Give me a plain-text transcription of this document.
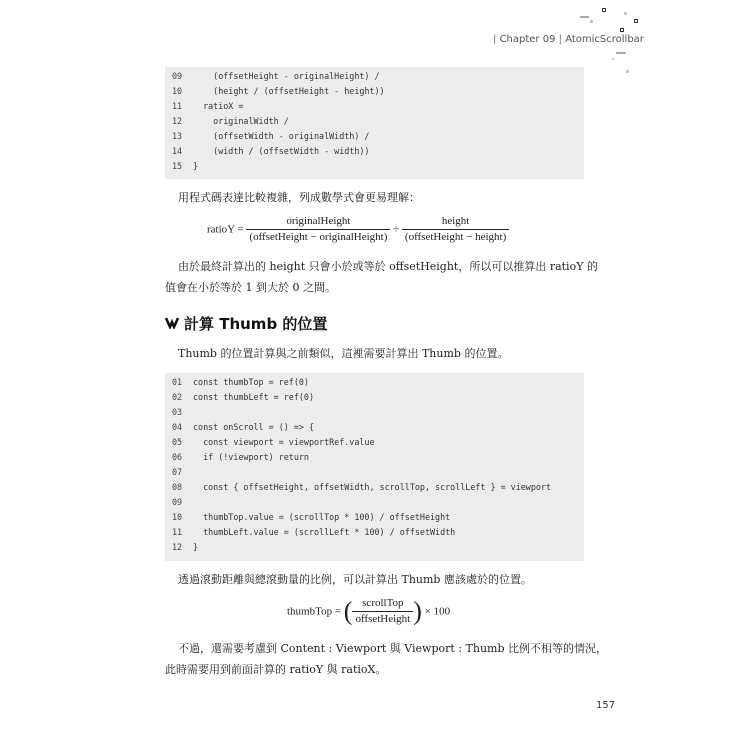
| Chapter 09 | AtomicScrollbar
09 (offsetHeight - originalHeight) /
10 (height / (offsetHeight - height))
11 ratioX =
12 originalWidth /
13 (offsetWidth - originalWidth) /
14 (width / (offsetWidth - width))
15 }
用程式碼表達比較複雜，列成數學式會更易理解：
ratioY = $\frac{\text{originalHeight}}{\text{(offsetHeight − originalHeight)}} \div \frac{\text{height}}{\text{(offsetHeight − height)}}$
由於最終計算出的 height 只會小於或等於 offsetHeight，所以可以推算出 ratioY 的
值會在小於等於 1 到大於 0 之間。
計算 Thumb 的位置
Thumb 的位置計算與之前類似，這裡需要計算出 Thumb 的位置。
01 const thumbTop = ref(0)
02 const thumbLeft = ref(0)
03
04 const onScroll = () => {
05 const viewport = viewportRef.value
06 if (!viewport) return
07
08 const { offsetHeight, offsetWidth, scrollTop, scrollLeft } = viewport
09
10 thumbTop.value = (scrollTop * 100) / offsetHeight
11 thumbLeft.value = (scrollLeft * 100) / offsetWidth
12 }
透過滾動距離與總滾動量的比例，可以計算出 Thumb 應該處於的位置。
thumbTop = ( $\frac{\text{scrollTop}}{\text{offsetHeight}}$ ) × 100
不過，還需要考慮到 Content : Viewport 與 Viewport : Thumb 比例不相等的情況，
此時需要用到前面計算的 ratioY 與 ratioX。
157
